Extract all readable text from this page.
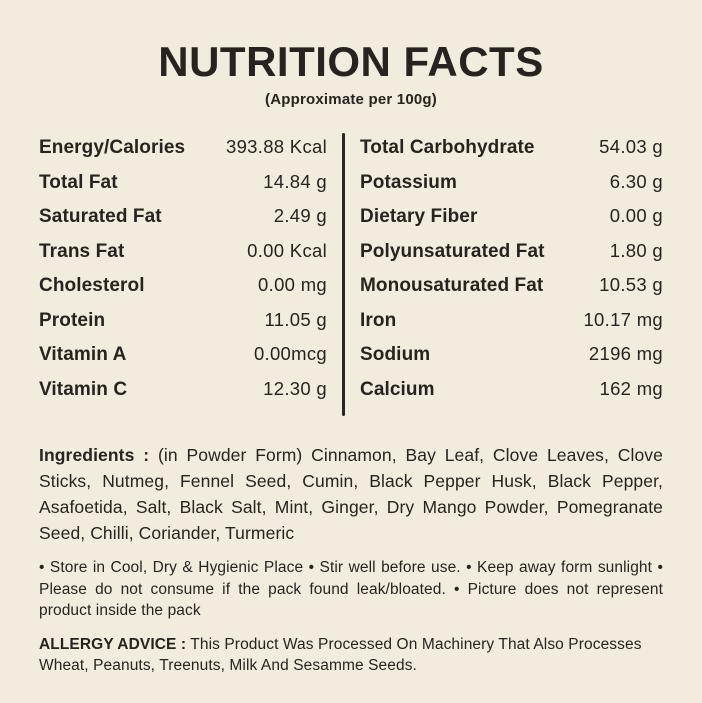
NUTRITION FACTS
(Approximate per 100g)
Energy/Calories 393.88 Kcal
Total Fat	14.84 g
Saturated Fat	2.49 g
Trans Fat	0.00 Kcal
Cholesterol	0.00 mg
Protein	11.05 g
Vitamin A	0.00mcg
Vitamin C	12.30 g
Total Carbohydrate	54.03 g
Potassium	6.30 g
Dietary Fiber	0.00 g
Polyunsaturated Fat	1.80 g
Monousaturated Fat	10.53 g
Iron	10.17 mg
Sodium	2196 mg
Calcium	162 mg

Ingredients : (in Powder Form) Cinnamon, Bay Leaf, Clove Leaves, Clove Sticks, Nutmeg, Fennel Seed, Cumin, Black Pepper Husk, Black Pepper, Asafoetida, Salt, Black Salt, Mint, Ginger, Dry Mango Powder, Pomegranate Seed, Chilli, Coriander, Turmeric

• Store in Cool, Dry & Hygienic Place • Stir well before use. • Keep away form sunlight • Please do not consume if the pack found leak/bloated. • Picture does not represent product inside the pack

ALLERGY ADVICE : This Product Was Processed On Machinery That Also Processes Wheat, Peanuts, Treenuts, Milk And Sesamme Seeds.
